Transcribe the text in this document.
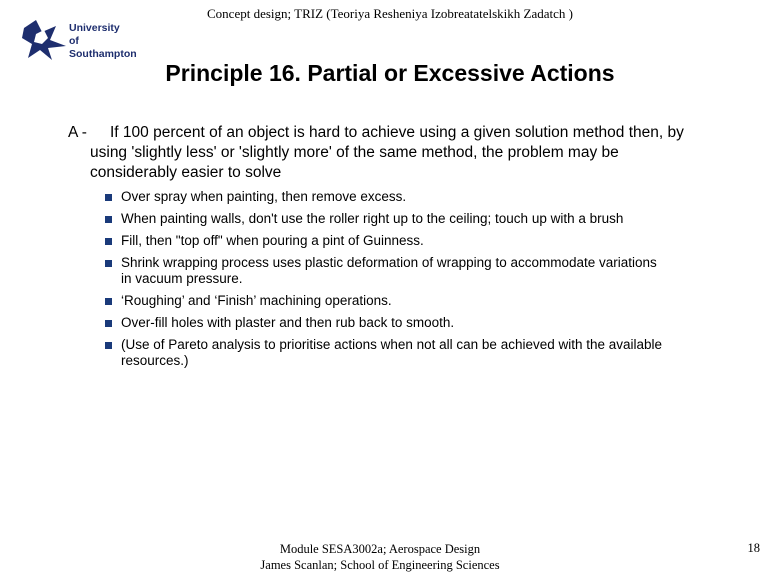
Concept design; TRIZ (Teoriya Resheniya Izobreatatelskikh Zadatch )
University
of Southampton
Principle 16. Partial or Excessive Actions
A -	If 100 percent of an object is hard to achieve using a given solution method then, by using 'slightly less' or 'slightly more' of the same method, the problem may be considerably easier to solve
Over spray when painting, then remove excess.
When painting walls, don't use the roller right up to the ceiling; touch up with a brush
Fill, then "top off" when pouring a pint of Guinness.
Shrink wrapping process uses plastic deformation of wrapping to accommodate variations in vacuum pressure.
‘Roughing’ and ‘Finish’ machining operations.
Over-fill holes with plaster and then rub back to smooth.
(Use of Pareto analysis to prioritise actions when not all can be achieved with the available resources.)
Module SESA3002a; Aerospace Design
James Scanlan; School of Engineering Sciences
18
